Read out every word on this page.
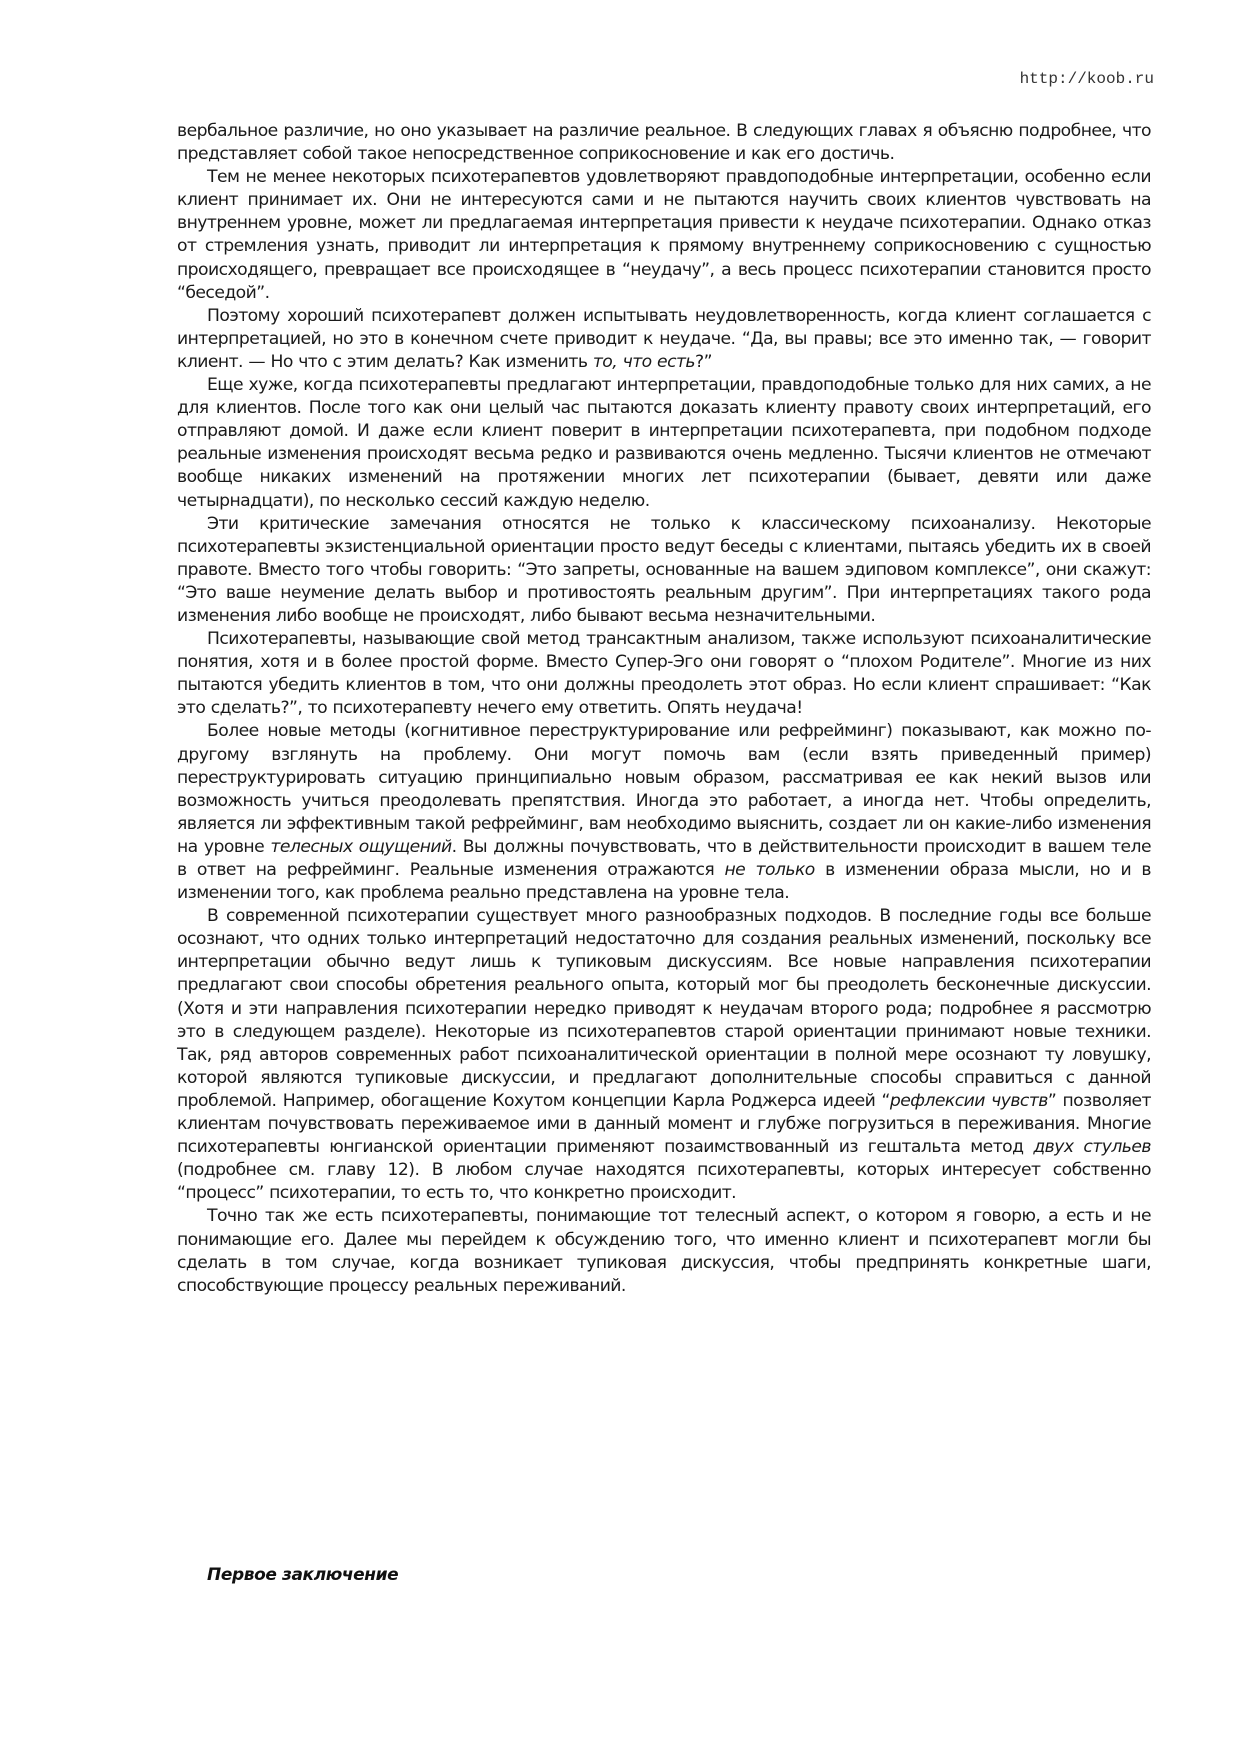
http://koob.ru

вербальное различие, но оно указывает на различие реальное. В следующих главах я объясню подробнее, что представляет собой такое непосредственное соприкосновение и как его достичь.

Тем не менее некоторых психотерапевтов удовлетворяют правдоподобные интерпретации, особенно если клиент принимает их. Они не интересуются сами и не пытаются научить своих клиентов чувствовать на внутреннем уровне, может ли предлагаемая интерпретация привести к неудаче психотерапии. Однако отказ от стремления узнать, приводит ли интерпретация к прямому внутреннему соприкосновению с сущностью происходящего, превращает все происходящее в “неудачу”, а весь процесс психотерапии становится просто “беседой”.

Поэтому хороший психотерапевт должен испытывать неудовлетворенность, когда клиент соглашается с интерпретацией, но это в конечном счете приводит к неудаче. “Да, вы правы; все это именно так, — говорит клиент. — Но что с этим делать? Как изменить то, что есть?”

Еще хуже, когда психотерапевты предлагают интерпретации, правдоподобные только для них самих, а не для клиентов. После того как они целый час пытаются доказать клиенту правоту своих интерпретаций, его отправляют домой. И даже если клиент поверит в интерпретации психотерапевта, при подобном подходе реальные изменения происходят весьма редко и развиваются очень медленно. Тысячи клиентов не отмечают вообще никаких изменений на протяжении многих лет психотерапии (бывает, девяти или даже четырнадцати), по несколько сессий каждую неделю.

Эти критические замечания относятся не только к классическому психоанализу. Некоторые психотерапевты экзистенциальной ориентации просто ведут беседы с клиентами, пытаясь убедить их в своей правоте. Вместо того чтобы говорить: “Это запреты, основанные на вашем эдиповом комплексе”, они скажут: “Это ваше неумение делать выбор и противостоять реальным другим”. При интерпретациях такого рода изменения либо вообще не происходят, либо бывают весьма незначительными.

Психотерапевты, называющие свой метод трансактным анализом, также используют психоаналитические понятия, хотя и в более простой форме. Вместо Супер-Эго они говорят о “плохом Родителе”. Многие из них пытаются убедить клиентов в том, что они должны преодолеть этот образ. Но если клиент спрашивает: “Как это сделать?”, то психотерапевту нечего ему ответить. Опять неудача!

Более новые методы (когнитивное переструктурирование или рефрейминг) показывают, как можно по-другому взглянуть на проблему. Они могут помочь вам (если взять приведенный пример) переструктурировать ситуацию принципиально новым образом, рассматривая ее как некий вызов или возможность учиться преодолевать препятствия. Иногда это работает, а иногда нет. Чтобы определить, является ли эффективным такой рефрейминг, вам необходимо выяснить, создает ли он какие-либо изменения на уровне телесных ощущений. Вы должны почувствовать, что в действительности происходит в вашем теле в ответ на рефрейминг. Реальные изменения отражаются не только в изменении образа мысли, но и в изменении того, как проблема реально представлена на уровне тела.

В современной психотерапии существует много разнообразных подходов. В последние годы все больше осознают, что одних только интерпретаций недостаточно для создания реальных изменений, поскольку все интерпретации обычно ведут лишь к тупиковым дискуссиям. Все новые направления психотерапии предлагают свои способы обретения реального опыта, который мог бы преодолеть бесконечные дискуссии. (Хотя и эти направления психотерапии нередко приводят к неудачам второго рода; подробнее я рассмотрю это в следующем разделе). Некоторые из психотерапевтов старой ориентации принимают новые техники. Так, ряд авторов современных работ психоаналитической ориентации в полной мере осознают ту ловушку, которой являются тупиковые дискуссии, и предлагают дополнительные способы справиться с данной проблемой. Например, обогащение Кохутом концепции Карла Роджерса идеей “рефлексии чувств” позволяет клиентам почувствовать переживаемое ими в данный момент и глубже погрузиться в переживания. Многие психотерапевты юнгианской ориентации применяют позаимствованный из гештальта метод двух стульев (подробнее см. главу 12). В любом случае находятся психотерапевты, которых интересует собственно “процесс” психотерапии, то есть то, что конкретно происходит.

Точно так же есть психотерапевты, понимающие тот телесный аспект, о котором я говорю, а есть и не понимающие его. Далее мы перейдем к обсуждению того, что именно клиент и психотерапевт могли бы сделать в том случае, когда возникает тупиковая дискуссия, чтобы предпринять конкретные шаги, способствующие процессу реальных переживаний.

Первое заключение
